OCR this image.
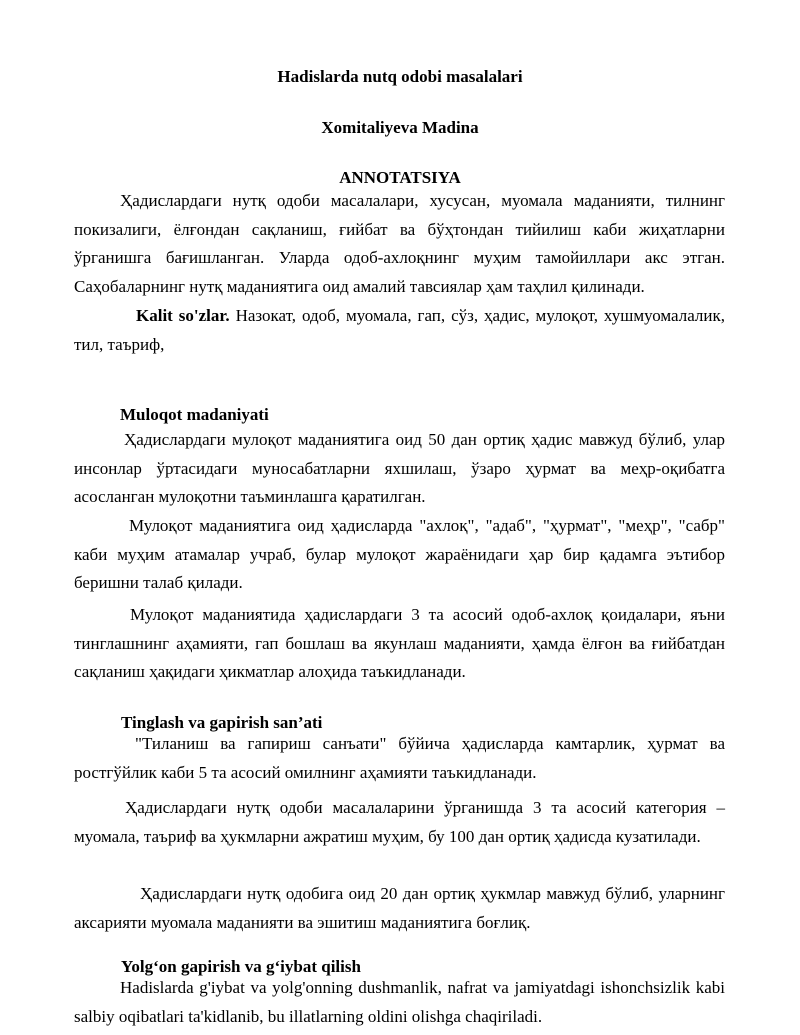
Hadislarda nutq odobi masalalari

Xomitaliyeva Madina

ANNOTATSIYA

Ҳадислардаги нутқ одоби масалалари, хусусан, муомала маданияти, тилнинг покизалиги, ёлғондан сақланиш, ғийбат ва бўҳтондан тийилиш каби жиҳатларни ўрганишга бағишланган. Уларда одоб-ахлоқнинг муҳим тамойиллари акс этган. Саҳобаларнинг нутқ маданиятига оид амалий тавсиялар ҳам таҳлил қилинади.

Kalit so'zlar. Назокат, одоб, муомала, гап, сўз, ҳадис, мулоқот, хушмуомалалик, тил, таъриф,

Muloqot madaniyati

Ҳадислардаги мулоқот маданиятига оид 50 дан ортиқ ҳадис мавжуд бўлиб, улар инсонлар ўртасидаги муносабатларни яхшилаш, ўзаро ҳурмат ва меҳр-оқибатга асосланган мулоқотни таъминлашга қаратилган.

Мулоқот маданиятига оид ҳадисларда "ахлоқ", "адаб", "ҳурмат", "меҳр", "сабр" каби муҳим атамалар учраб, булар мулоқот жараёнидаги ҳар бир қадамга эътибор беришни талаб қилади.

Мулоқот маданиятида ҳадислардаги 3 та асосий одоб-ахлоқ қоидалари, яъни тинглашнинг аҳамияти, гап бошлаш ва якунлаш маданияти, ҳамда ёлғон ва ғийбатдан сақланиш ҳақидаги ҳикматлар алоҳида таъкидланади.

Tinglash va gapirish san’ati

"Тиланиш ва гапириш санъати" бўйича ҳадисларда камтарлик, ҳурмат ва ростгўйлик каби 5 та асосий омилнинг аҳамияти таъкидланади.

Ҳадислардаги нутқ одоби масалаларини ўрганишда 3 та асосий категория – муомала, таъриф ва ҳукмларни ажратиш муҳим, бу 100 дан ортиқ ҳадисда кузатилади.

Ҳадислардаги нутқ одобига оид 20 дан ортиқ ҳукмлар мавжуд бўлиб, уларнинг аксарияти муомала маданияти ва эшитиш маданиятига боғлиқ.

Yolg‘on gapirish va g‘iybat qilish

Hadislarda g'iybat va yolg'onning dushmanlik, nafrat va jamiyatdagi ishonchsizlik kabi salbiy oqibatlari ta'kidlanib, bu illatlarning oldini olishga chaqiriladi.
